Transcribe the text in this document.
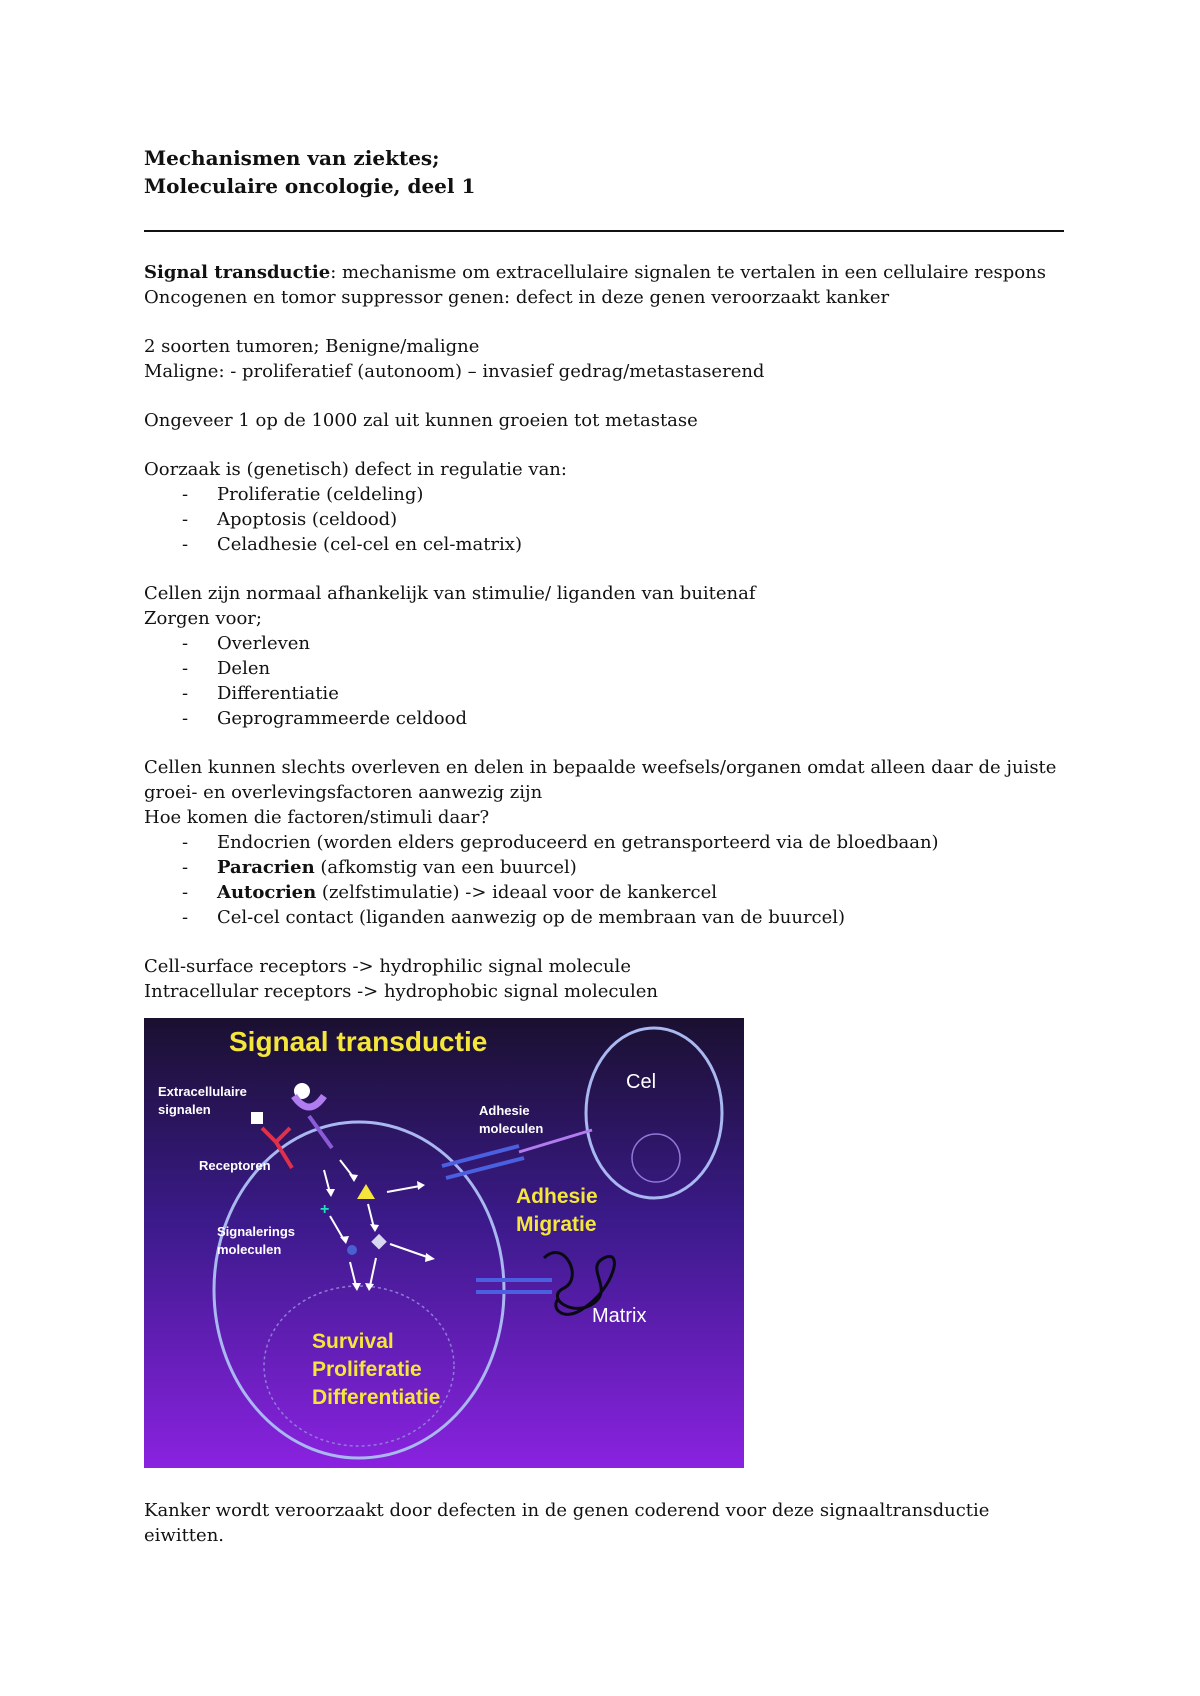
Mechanismen van ziektes;

Moleculaire oncologie, deel 1

Signal transductie: mechanisme om extracellulaire signalen te vertalen in een cellulaire respons

Oncogenen en tomor suppressor genen: defect in deze genen veroorzaakt kanker

2 soorten tumoren; Benigne/maligne

Maligne: - proliferatief (autonoom) – invasief gedrag/metastaserend

Ongeveer 1 op de 1000 zal uit kunnen groeien tot metastase

Oorzaak is (genetisch) defect in regulatie van:

- Proliferatie (celdeling)
- Apoptosis (celdood)
- Celadhesie (cel-cel en cel-matrix)

Cellen zijn normaal afhankelijk van stimulie/ liganden van buitenaf

Zorgen voor;

- Overleven
- Delen
- Differentiatie
- Geprogrammeerde celdood

Cellen kunnen slechts overleven en delen in bepaalde weefsels/organen omdat alleen daar de juiste

groei- en overlevingsfactoren aanwezig zijn

Hoe komen die factoren/stimuli daar?

- Endocrien (worden elders geproduceerd en getransporteerd via de bloedbaan)
- Paracrien (afkomstig van een buurcel)
- Autocrien (zelfstimulatie) -> ideaal voor de kankercel
- Cel-cel contact (liganden aanwezig op de membraan van de buurcel)

Cell-surface receptors -> hydrophilic signal molecule

Intracellular receptors -> hydrophobic signal moleculen

Signaal transductie
Cel
Extracellulaire
signalen
Receptoren
Signalerings
moleculen
Adhesie
moleculen
Adhesie
Migratie
Matrix
Survival
Proliferatie
Differentiatie
+

Kanker wordt veroorzaakt door defecten in de genen coderend voor deze signaaltransductie

eiwitten.
